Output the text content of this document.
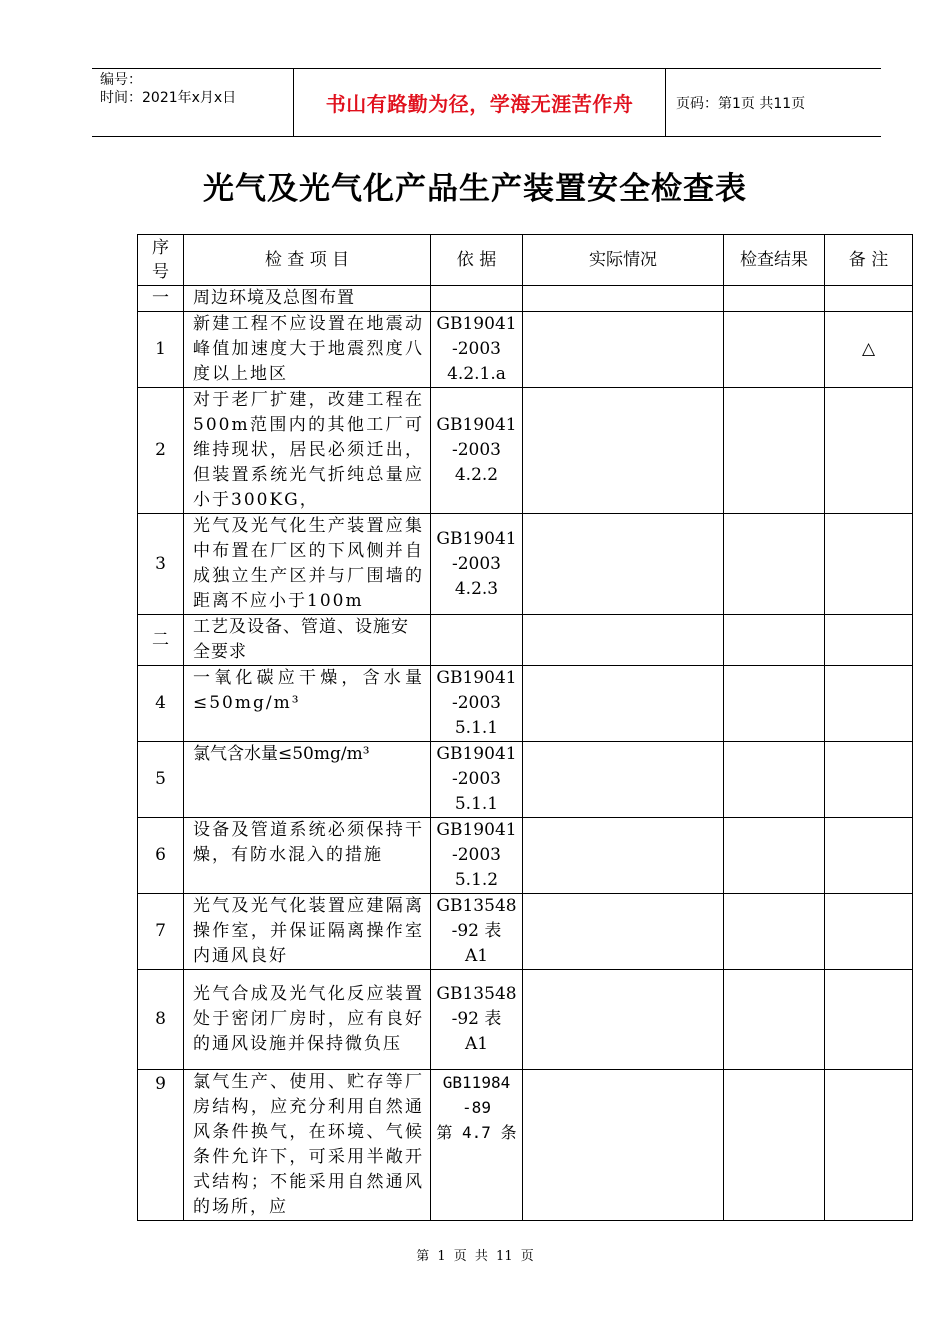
编号：
时间：2021年x月x日	书山有路勤为径，学海无涯苦作舟	页码：第1页 共11页
光气及光气化产品生产装置安全检查表
序
号	检 查 项 目	依 据	实际情况	检查结果	备 注
一	周边环境及总图布置				
1	新建工程不应设置在地震动峰值加速度大于地震烈度八度以上地区	GB19041
-2003
4.2.1.a			△
2	对于老厂扩建，改建工程在500m范围内的其他工厂可维持现状，居民必须迁出，但装置系统光气折纯总量应小于300KG，	GB19041
-2003
4.2.2			

3	光气及光气化生产装置应集中布置在厂区的下风侧并自成独立生产区并与厂围墙的距离不应小于100m	GB19041
-2003
4.2.3			

二	工艺及设备、管道、设施安全要求				
4	一氧化碳应干燥，含水量≤50mg/m³	GB19041
-2003
5.1.1			

5	氯气含水量≤50mg/m³	GB19041
-2003
5.1.1			

6	设备及管道系统必须保持干燥，有防水混入的措施	GB19041
-2003
5.1.2			

7	光气及光气化装置应建隔离操作室，并保证隔离操作室内通风良好	GB13548
-92 表
A1			

8	光气合成及光气化反应装置处于密闭厂房时，应有良好的通风设施并保持微负压	GB13548
-92 表
A1			

9	氯气生产、使用、贮存等厂房结构，应充分利用自然通风条件换气，在环境、气候条件允许下，可采用半敞开式结构；不能采用自然通风的场所，应	GB11984
-89
第 4.7 条			

第 1 页 共 11 页
